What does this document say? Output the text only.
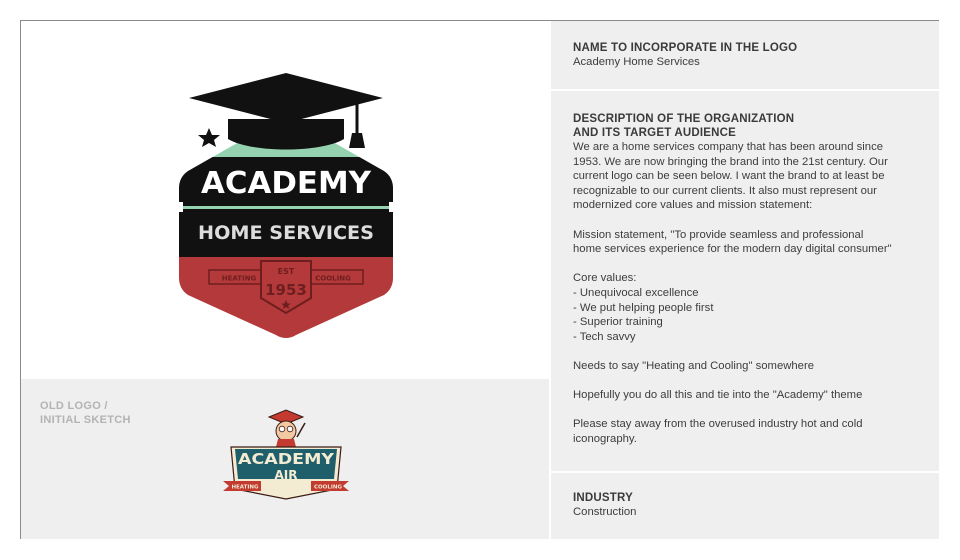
ACADEMY
HOME SERVICES
HEATING	COOLING
EST
1953
OLD LOGO /
INITIAL SKETCH
ACADEMY
AIR
HEATING	COOLING
NAME TO INCORPORATE IN THE LOGO
Academy Home Services
DESCRIPTION OF THE ORGANIZATION
AND ITS TARGET AUDIENCE

We are a home services company that has been around since
1953. We are now bringing the brand into the 21st century. Our
current logo can be seen below. I want the brand to at least be
recognizable to our current clients. It also must represent our
modernized core values and mission statement:

Mission statement, "To provide seamless and professional
home services experience for the modern day digital consumer"

Core values:
- Unequivocal excellence
- We put helping people first
- Superior training
- Tech savvy

Needs to say "Heating and Cooling" somewhere

Hopefully you do all this and tie into the "Academy" theme

Please stay away from the overused industry hot and cold
iconography.

INDUSTRY
Construction
